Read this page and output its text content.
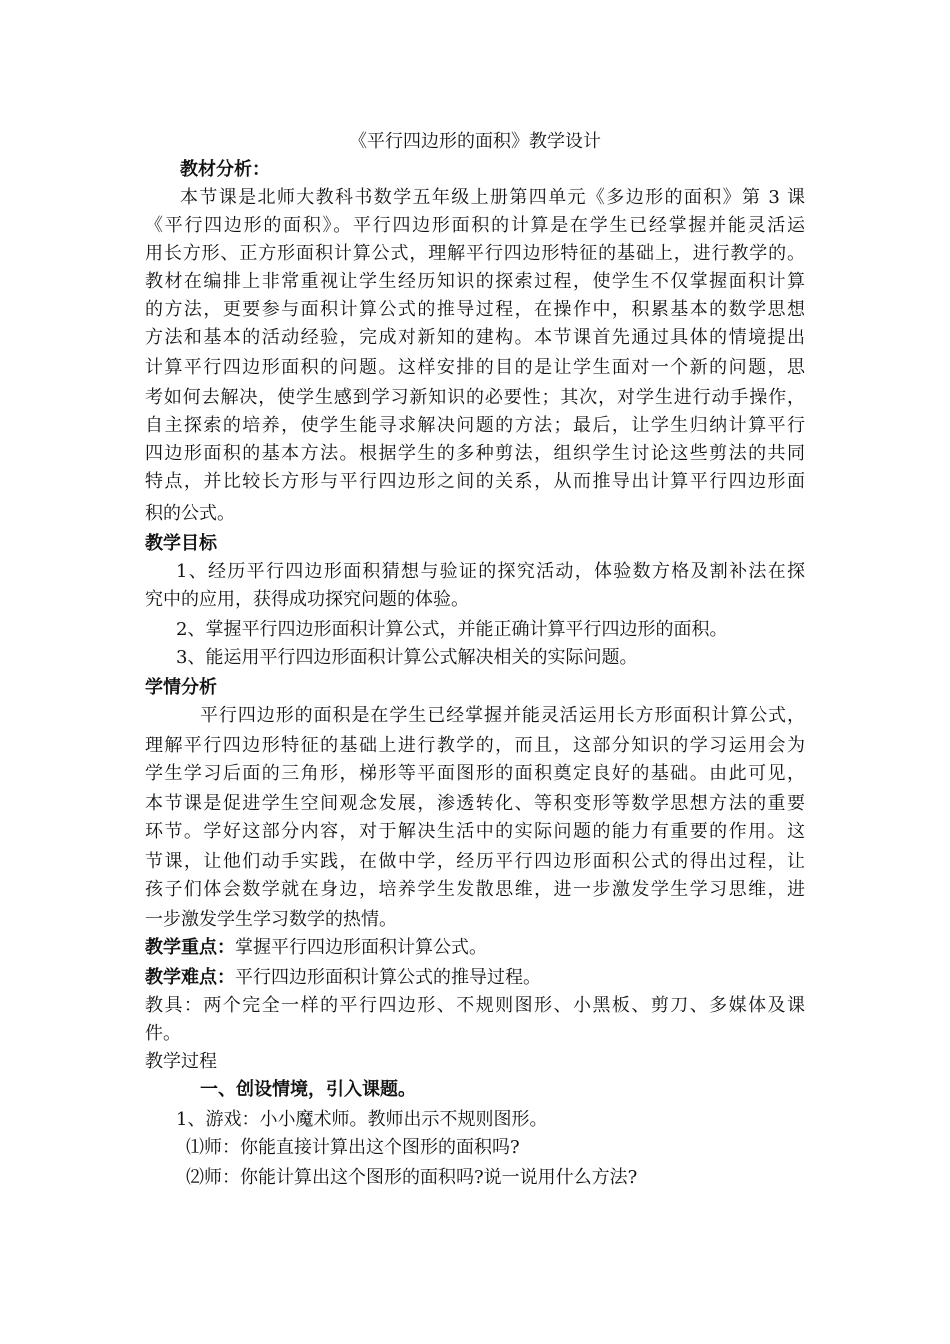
《平行四边形的面积》教学设计
教材分析：
本节课是北师大教科书数学五年级上册第四单元《多边形的面积》第 3 课
《平行四边形的面积》。平行四边形面积的计算是在学生已经掌握并能灵活运
用长方形、正方形面积计算公式，理解平行四边形特征的基础上，进行教学的。
教材在编排上非常重视让学生经历知识的探索过程，使学生不仅掌握面积计算
的方法，更要参与面积计算公式的推导过程，在操作中，积累基本的数学思想
方法和基本的活动经验，完成对新知的建构。本节课首先通过具体的情境提出
计算平行四边形面积的问题。这样安排的目的是让学生面对一个新的问题，思
考如何去解决，使学生感到学习新知识的必要性；其次，对学生进行动手操作，
自主探索的培养，使学生能寻求解决问题的方法；最后，让学生归纳计算平行
四边形面积的基本方法。根据学生的多种剪法，组织学生讨论这些剪法的共同
特点，并比较长方形与平行四边形之间的关系，从而推导出计算平行四边形面
积的公式。
教学目标
1、经历平行四边形面积猜想与验证的探究活动，体验数方格及割补法在探
究中的应用，获得成功探究问题的体验。
2、掌握平行四边形面积计算公式，并能正确计算平行四边形的面积。
3、能运用平行四边形面积计算公式解决相关的实际问题。
学情分析
平行四边形的面积是在学生已经掌握并能灵活运用长方形面积计算公式，
理解平行四边形特征的基础上进行教学的，而且，这部分知识的学习运用会为
学生学习后面的三角形，梯形等平面图形的面积奠定良好的基础。由此可见，
本节课是促进学生空间观念发展，渗透转化、等积变形等数学思想方法的重要
环节。学好这部分内容，对于解决生活中的实际问题的能力有重要的作用。这
节课，让他们动手实践，在做中学，经历平行四边形面积公式的得出过程，让
孩子们体会数学就在身边，培养学生发散思维，进一步激发学生学习思维，进
一步激发学生学习数学的热情。
教学重点：掌握平行四边形面积计算公式。
教学难点：平行四边形面积计算公式的推导过程。
教具：两个完全一样的平行四边形、不规则图形、小黑板、剪刀、多媒体及课
件。
教学过程
一、创设情境，引入课题。
1、游戏：小小魔术师。教师出示不规则图形。
⑴师：你能直接计算出这个图形的面积吗?
⑵师：你能计算出这个图形的面积吗?说一说用什么方法?
